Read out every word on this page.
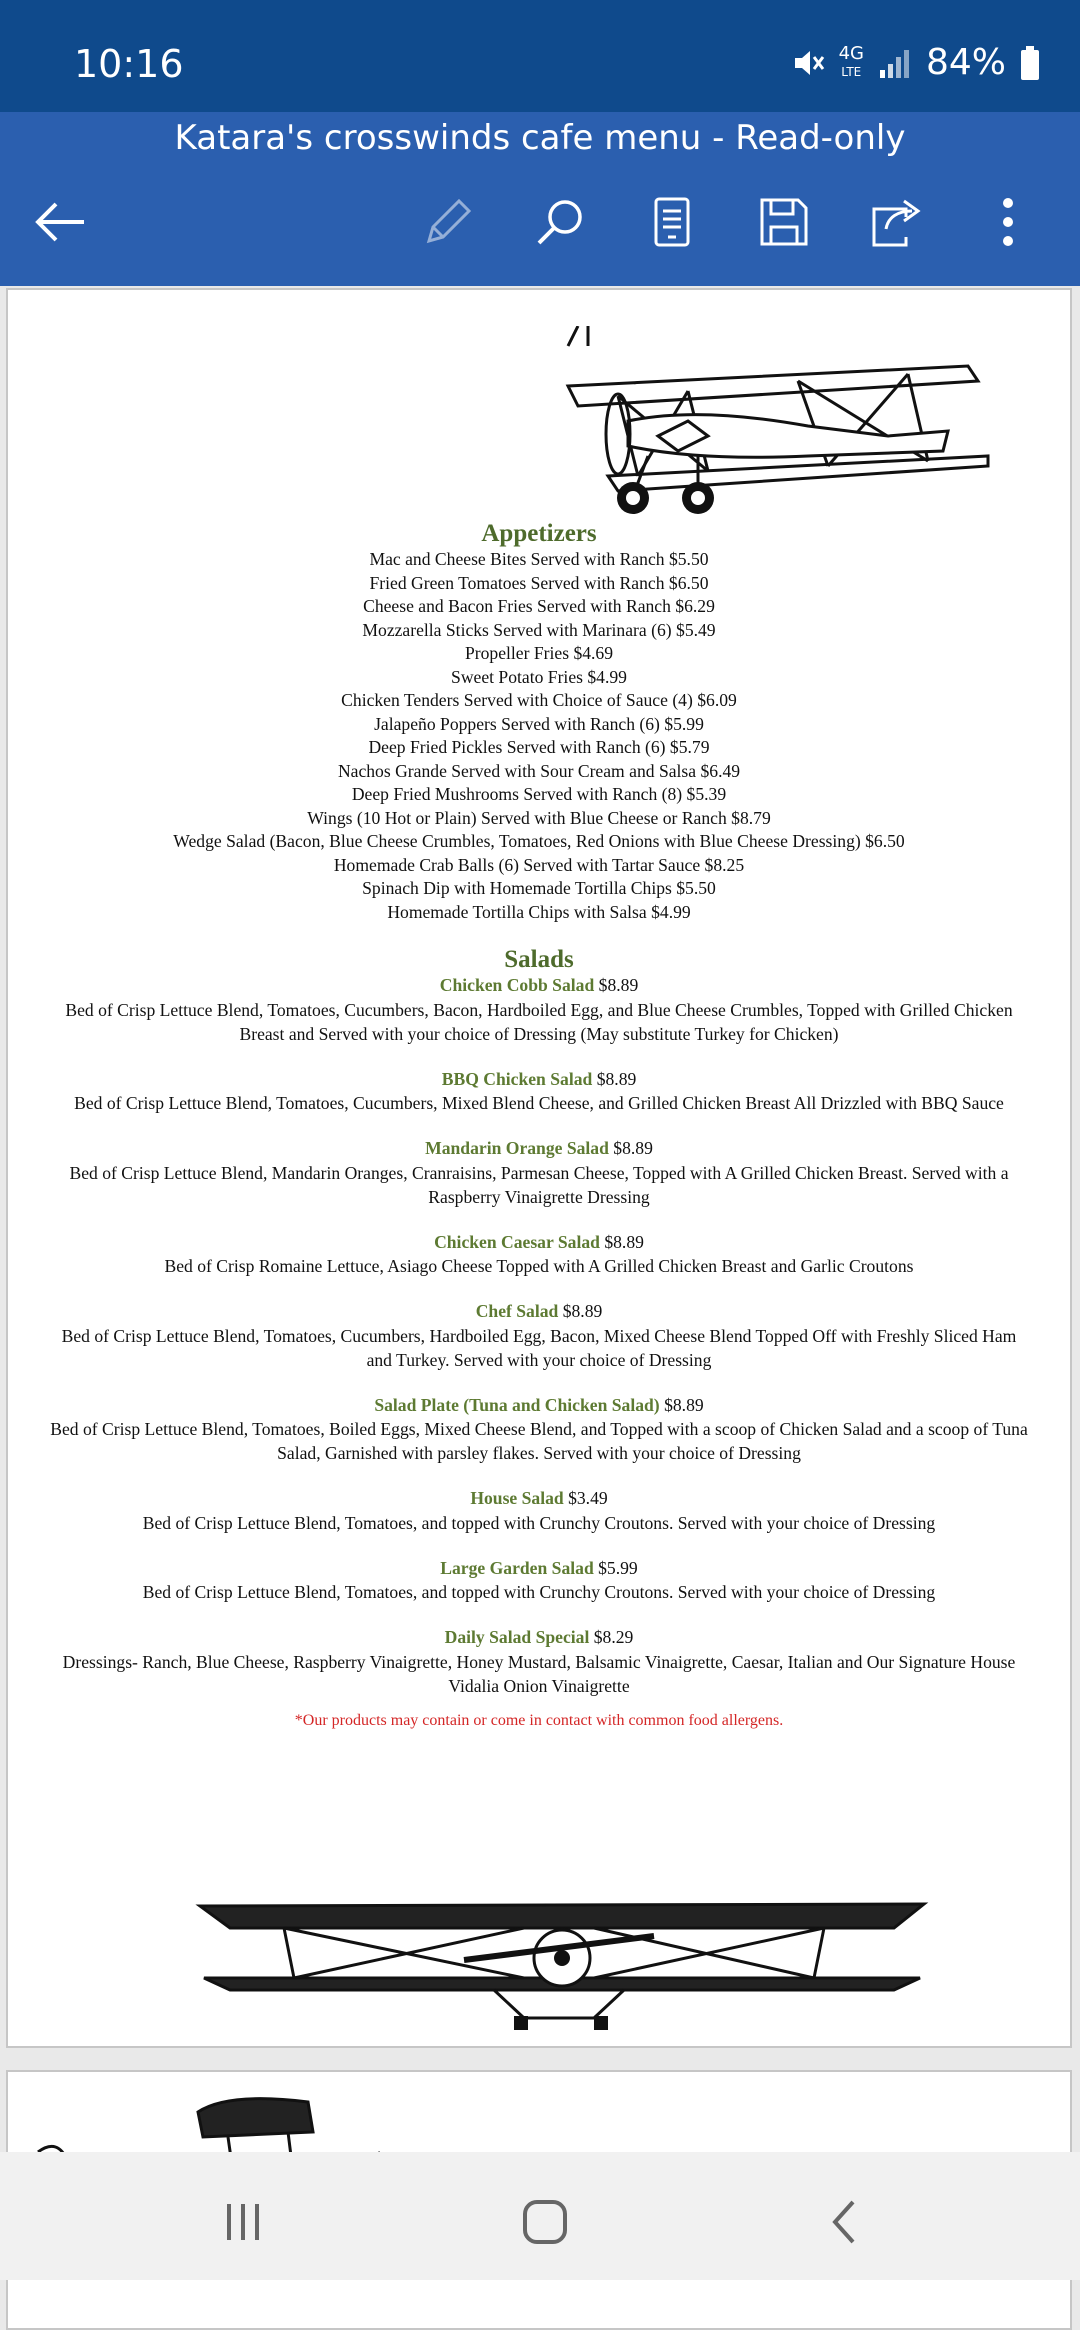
10:16	4G
LTE 84%
Katara's crosswinds cafe menu - Read-only
Appetizers
Mac and Cheese Bites Served with Ranch $5.50
Fried Green Tomatoes Served with Ranch $6.50
Cheese and Bacon Fries Served with Ranch $6.29
Mozzarella Sticks Served with Marinara (6) $5.49
Propeller Fries $4.69
Sweet Potato Fries $4.99
Chicken Tenders Served with Choice of Sauce (4) $6.09
Jalapeño Poppers Served with Ranch (6) $5.99
Deep Fried Pickles Served with Ranch (6) $5.79
Nachos Grande Served with Sour Cream and Salsa $6.49
Deep Fried Mushrooms Served with Ranch (8) $5.39
Wings (10 Hot or Plain) Served with Blue Cheese or Ranch $8.79
Wedge Salad (Bacon, Blue Cheese Crumbles, Tomatoes, Red Onions with Blue Cheese Dressing) $6.50
Homemade Crab Balls (6) Served with Tartar Sauce $8.25
Spinach Dip with Homemade Tortilla Chips $5.50
Homemade Tortilla Chips with Salsa $4.99
Salads
Chicken Cobb Salad $8.89
Bed of Crisp Lettuce Blend, Tomatoes, Cucumbers, Bacon, Hardboiled Egg, and Blue Cheese Crumbles, Topped with Grilled Chicken Breast and Served with your choice of Dressing (May substitute Turkey for Chicken)
BBQ Chicken Salad $8.89
Bed of Crisp Lettuce Blend, Tomatoes, Cucumbers, Mixed Blend Cheese, and Grilled Chicken Breast All Drizzled with BBQ Sauce
Mandarin Orange Salad $8.89
Bed of Crisp Lettuce Blend, Mandarin Oranges, Cranraisins, Parmesan Cheese, Topped with A Grilled Chicken Breast. Served with a Raspberry Vinaigrette Dressing
Chicken Caesar Salad $8.89
Bed of Crisp Romaine Lettuce, Asiago Cheese Topped with A Grilled Chicken Breast and Garlic Croutons
Chef Salad $8.89
Bed of Crisp Lettuce Blend, Tomatoes, Cucumbers, Hardboiled Egg, Bacon, Mixed Cheese Blend Topped Off with Freshly Sliced Ham and Turkey. Served with your choice of Dressing
Salad Plate (Tuna and Chicken Salad) $8.89
Bed of Crisp Lettuce Blend, Tomatoes, Boiled Eggs, Mixed Cheese Blend, and Topped with a scoop of Chicken Salad and a scoop of Tuna Salad, Garnished with parsley flakes. Served with your choice of Dressing
House Salad $3.49
Bed of Crisp Lettuce Blend, Tomatoes, and topped with Crunchy Croutons. Served with your choice of Dressing
Large Garden Salad $5.99
Bed of Crisp Lettuce Blend, Tomatoes, and topped with Crunchy Croutons. Served with your choice of Dressing
Daily Salad Special $8.29
Dressings- Ranch, Blue Cheese, Raspberry Vinaigrette, Honey Mustard, Balsamic Vinaigrette, Caesar, Italian and Our Signature House Vidalia Onion Vinaigrette
*Our products may contain or come in contact with common food allergens.
